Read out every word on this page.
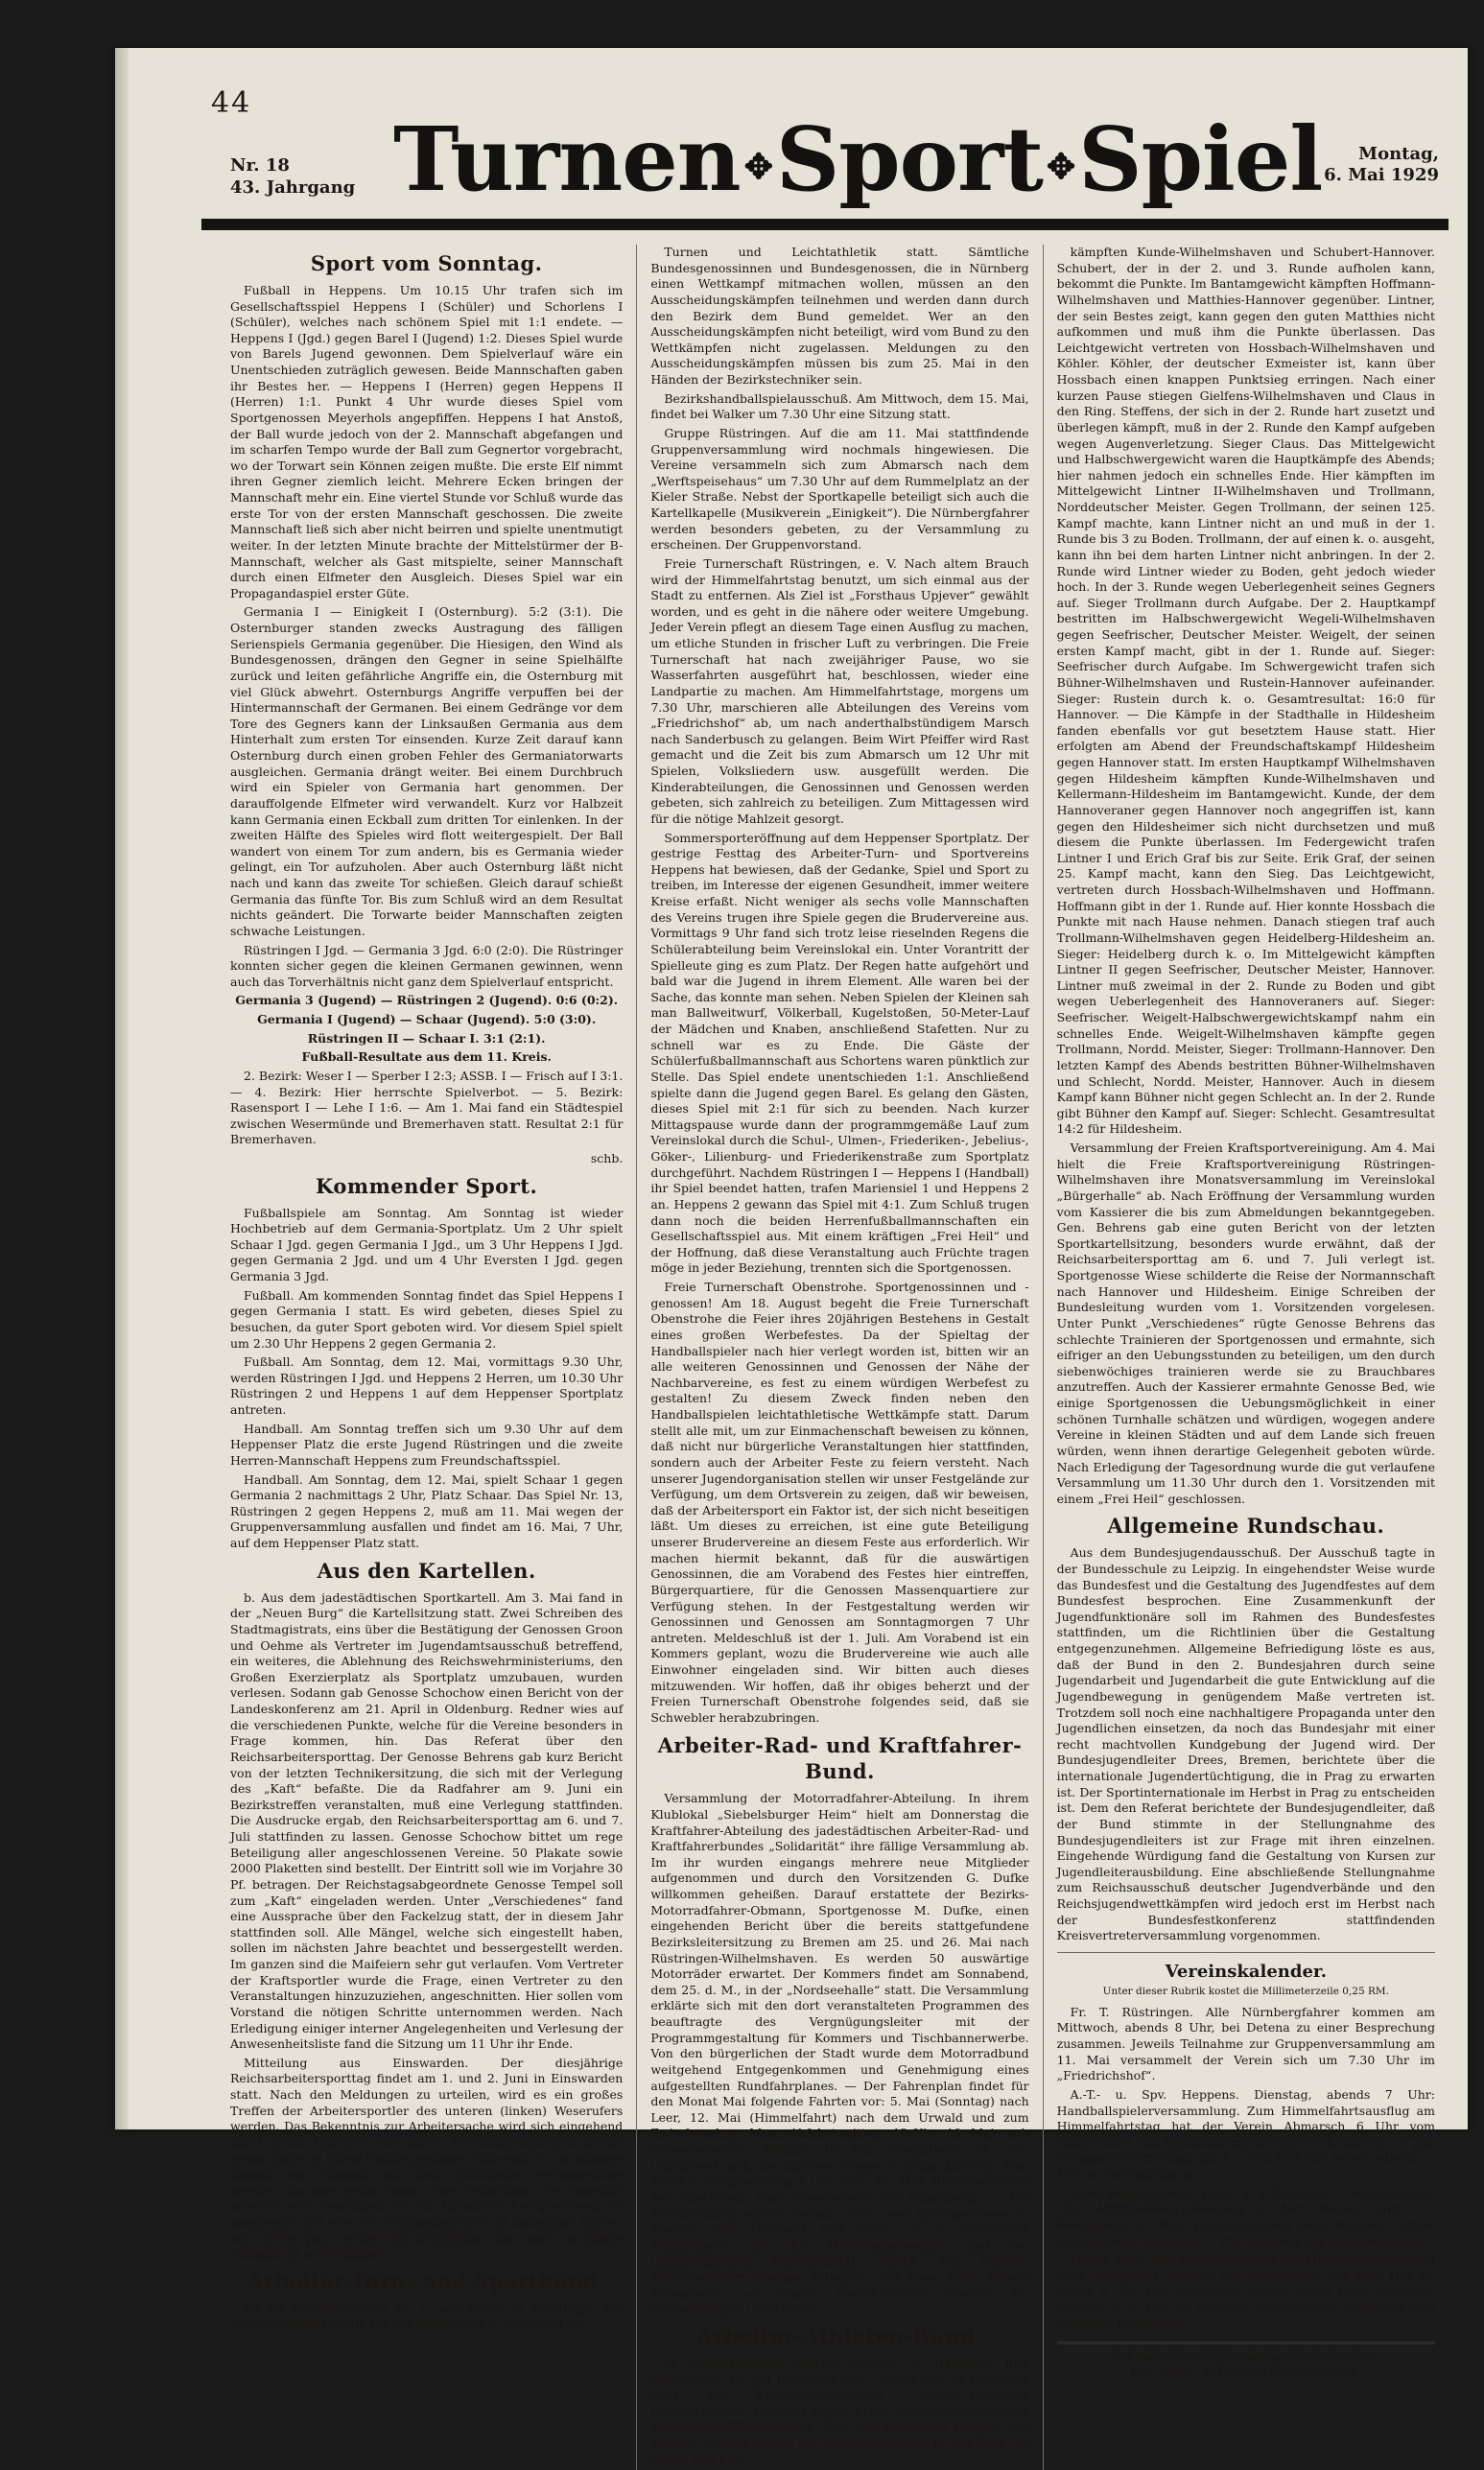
44
Nr. 18
43. Jahrgang Turnen ✥Sport ✥Spiel	Montag,
6. Mai 1929
Sport vom Sonntag.

Fußball in Heppens. Um 10.15 Uhr trafen sich im Gesellschaftsspiel Heppens I (Schüler) und Schorlens I (Schüler), welches nach schönem Spiel mit 1:1 endete. — Heppens I (Jgd.) gegen Barel I (Jugend) 1:2. Dieses Spiel wurde von Barels Jugend gewonnen. Dem Spielverlauf wäre ein Unentschieden zuträglich gewesen. Beide Mannschaften gaben ihr Bestes her. — Heppens I (Herren) gegen Heppens II (Herren) 1:1. Punkt 4 Uhr wurde dieses Spiel vom Sportgenossen Meyerhols angepfiffen. Heppens I hat Anstoß, der Ball wurde jedoch von der 2. Mannschaft abgefangen und im scharfen Tempo wurde der Ball zum Gegnertor vorgebracht, wo der Torwart sein Können zeigen mußte. Die erste Elf nimmt ihren Gegner ziemlich leicht. Mehrere Ecken bringen der Mannschaft mehr ein. Eine viertel Stunde vor Schluß wurde das erste Tor von der ersten Mannschaft geschossen. Die zweite Mannschaft ließ sich aber nicht beirren und spielte unentmutigt weiter. In der letzten Minute brachte der Mittelstürmer der B-Mannschaft, welcher als Gast mitspielte, seiner Mannschaft durch einen Elfmeter den Ausgleich. Dieses Spiel war ein Propagandaspiel erster Güte.

Germania I — Einigkeit I (Osternburg). 5:2 (3:1). Die Osternburger standen zwecks Austragung des fälligen Serienspiels Germania gegenüber. Die Hiesigen, den Wind als Bundesgenossen, drängen den Gegner in seine Spielhälfte zurück und leiten gefährliche Angriffe ein, die Osternburg mit viel Glück abwehrt. Osternburgs Angriffe verpuffen bei der Hintermannschaft der Germanen. Bei einem Gedränge vor dem Tore des Gegners kann der Linksaußen Germania aus dem Hinterhalt zum ersten Tor einsenden. Kurze Zeit darauf kann Osternburg durch einen groben Fehler des Germaniatorwarts ausgleichen. Germania drängt weiter. Bei einem Durchbruch wird ein Spieler von Germania hart genommen. Der darauffolgende Elfmeter wird verwandelt. Kurz vor Halbzeit kann Germania einen Eckball zum dritten Tor einlenken. In der zweiten Hälfte des Spieles wird flott weitergespielt. Der Ball wandert von einem Tor zum andern, bis es Germania wieder gelingt, ein Tor aufzuholen. Aber auch Osternburg läßt nicht nach und kann das zweite Tor schießen. Gleich darauf schießt Germania das fünfte Tor. Bis zum Schluß wird an dem Resultat nichts geändert. Die Torwarte beider Mannschaften zeigten schwache Leistungen.

Rüstringen I Jgd. — Germania 3 Jgd. 6:0 (2:0). Die Rüstringer konnten sicher gegen die kleinen Germanen gewinnen, wenn auch das Torverhältnis nicht ganz dem Spielverlauf entspricht.

Germania 3 (Jugend) — Rüstringen 2 (Jugend). 0:6 (0:2).

Germania I (Jugend) — Schaar (Jugend). 5:0 (3:0).

Rüstringen II — Schaar I. 3:1 (2:1).

Fußball-Resultate aus dem 11. Kreis.

2. Bezirk: Weser I — Sperber I 2:3; ASSB. I — Frisch auf I 3:1. — 4. Bezirk: Hier herrschte Spielverbot. — 5. Bezirk: Rasensport I — Lehe I 1:6. — Am 1. Mai fand ein Städtespiel zwischen Wesermünde und Bremerhaven statt. Resultat 2:1 für Bremerhaven.

schb.
Kommender Sport.

Fußballspiele am Sonntag. Am Sonntag ist wieder Hochbetrieb auf dem Germania-Sportplatz. Um 2 Uhr spielt Schaar I Jgd. gegen Germania I Jgd., um 3 Uhr Heppens I Jgd. gegen Germania 2 Jgd. und um 4 Uhr Eversten I Jgd. gegen Germania 3 Jgd.

Fußball. Am kommenden Sonntag findet das Spiel Heppens I gegen Germania I statt. Es wird gebeten, dieses Spiel zu besuchen, da guter Sport geboten wird. Vor diesem Spiel spielt um 2.30 Uhr Heppens 2 gegen Germania 2.

Fußball. Am Sonntag, dem 12. Mai, vormittags 9.30 Uhr, werden Rüstringen I Jgd. und Heppens 2 Herren, um 10.30 Uhr Rüstringen 2 und Heppens 1 auf dem Heppenser Sportplatz antreten.

Handball. Am Sonntag treffen sich um 9.30 Uhr auf dem Heppenser Platz die erste Jugend Rüstringen und die zweite Herren-Mannschaft Heppens zum Freundschaftsspiel.

Handball. Am Sonntag, dem 12. Mai, spielt Schaar 1 gegen Germania 2 nachmittags 2 Uhr, Platz Schaar. Das Spiel Nr. 13, Rüstringen 2 gegen Heppens 2, muß am 11. Mai wegen der Gruppenversammlung ausfallen und findet am 16. Mai, 7 Uhr, auf dem Heppenser Platz statt.

Aus den Kartellen.

b. Aus dem jadestädtischen Sportkartell. Am 3. Mai fand in der „Neuen Burg“ die Kartellsitzung statt. Zwei Schreiben des Stadtmagistrats, eins über die Bestätigung der Genossen Groon und Oehme als Vertreter im Jugendamtsausschuß betreffend, ein weiteres, die Ablehnung des Reichswehrministeriums, den Großen Exerzierplatz als Sportplatz umzubauen, wurden verlesen. Sodann gab Genosse Schochow einen Bericht von der Landeskonferenz am 21. April in Oldenburg. Redner wies auf die verschiedenen Punkte, welche für die Vereine besonders in Frage kommen, hin. Das Referat über den Reichsarbeitersporttag. Der Genosse Behrens gab kurz Bericht von der letzten Technikersitzung, die sich mit der Verlegung des „Kaft“ befaßte. Die da Radfahrer am 9. Juni ein Bezirkstreffen veranstalten, muß eine Verlegung stattfinden. Die Ausdrucke ergab, den Reichsarbeitersporttag am 6. und 7. Juli stattfinden zu lassen. Genosse Schochow bittet um rege Beteiligung aller angeschlossenen Vereine. 50 Plakate sowie 2000 Plaketten sind bestellt. Der Eintritt soll wie im Vorjahre 30 Pf. betragen. Der Reichstagsabgeordnete Genosse Tempel soll zum „Kaft“ eingeladen werden. Unter „Verschiedenes“ fand eine Aussprache über den Fackelzug statt, der in diesem Jahr stattfinden soll. Alle Mängel, welche sich eingestellt haben, sollen im nächsten Jahre beachtet und bessergestellt werden. Im ganzen sind die Maifeiern sehr gut verlaufen. Vom Vertreter der Kraftsportler wurde die Frage, einen Vertreter zu den Veranstaltungen hinzuzuziehen, angeschnitten. Hier sollen vom Vorstand die nötigen Schritte unternommen werden. Nach Erledigung einiger interner Angelegenheiten und Verlesung der Anwesenheitsliste fand die Sitzung um 11 Uhr ihr Ende.

Mitteilung aus Einswarden. Der diesjährige Reichsarbeitersporttag findet am 1. und 2. Juni in Einswarden statt. Nach den Meldungen zu urteilen, wird es ein großes Treffen der Arbeitersportler des unteren (linken) Weserufers werden. Das Bekenntnis zur Arbeitersache wird sich eingehend durch einen Kommers, der am 1. Juni stattfindet und ist die ganze Sache in guten Händen geboten, während die sportlichen Kämpfe am Sonntag auf dem Sportplatze vorgenommen werden. Da eine große Anzahl der Teilnehmer von auswärts erwartet wird, benötigen wir eine Anzahl von Freiquartieren; zu gegebener Zeit wird der Wohnungsausschuß Nachfrage halten. Wir bitten jetzt schon die Einwohner, uns auch in dieser Hinsicht zu unterstützen.

Arbeiter-Turn- und Sportbund.

An die Bezirksvereine! Am 2. Juni finden in Rüstringen die Ausscheidungskämpfe für das Bundesfest in Nürnberg für

Turnen und Leichtathletik statt. Sämtliche Bundesgenossinnen und Bundesgenossen, die in Nürnberg einen Wettkampf mitmachen wollen, müssen an den Ausscheidungskämpfen teilnehmen und werden dann durch den Bezirk dem Bund gemeldet. Wer an den Ausscheidungskämpfen nicht beteiligt, wird vom Bund zu den Wettkämpfen nicht zugelassen. Meldungen zu den Ausscheidungskämpfen müssen bis zum 25. Mai in den Händen der Bezirkstechniker sein.

Bezirkshandballspielausschuß. Am Mittwoch, dem 15. Mai, findet bei Walker um 7.30 Uhr eine Sitzung statt.

Gruppe Rüstringen. Auf die am 11. Mai stattfindende Gruppenversammlung wird nochmals hingewiesen. Die Vereine versammeln sich zum Abmarsch nach dem „Werftspeisehaus“ um 7.30 Uhr auf dem Rummelplatz an der Kieler Straße. Nebst der Sportkapelle beteiligt sich auch die Kartellkapelle (Musikverein „Einigkeit“). Die Nürnbergfahrer werden besonders gebeten, zu der Versammlung zu erscheinen. Der Gruppenvorstand.

Freie Turnerschaft Rüstringen, e. V. Nach altem Brauch wird der Himmelfahrtstag benutzt, um sich einmal aus der Stadt zu entfernen. Als Ziel ist „Forsthaus Upjever“ gewählt worden, und es geht in die nähere oder weitere Umgebung. Jeder Verein pflegt an diesem Tage einen Ausflug zu machen, um etliche Stunden in frischer Luft zu verbringen. Die Freie Turnerschaft hat nach zweijähriger Pause, wo sie Wasserfahrten ausgeführt hat, beschlossen, wieder eine Landpartie zu machen. Am Himmelfahrtstage, morgens um 7.30 Uhr, marschieren alle Abteilungen des Vereins vom „Friedrichshof“ ab, um nach anderthalbstündigem Marsch nach Sanderbusch zu gelangen. Beim Wirt Pfeiffer wird Rast gemacht und die Zeit bis zum Abmarsch um 12 Uhr mit Spielen, Volksliedern usw. ausgefüllt werden. Die Kinderabteilungen, die Genossinnen und Genossen werden gebeten, sich zahlreich zu beteiligen. Zum Mittagessen wird für die nötige Mahlzeit gesorgt.

Sommersporteröffnung auf dem Heppenser Sportplatz. Der gestrige Festtag des Arbeiter-Turn- und Sportvereins Heppens hat bewiesen, daß der Gedanke, Spiel und Sport zu treiben, im Interesse der eigenen Gesundheit, immer weitere Kreise erfaßt. Nicht weniger als sechs volle Mannschaften des Vereins trugen ihre Spiele gegen die Brudervereine aus. Vormittags 9 Uhr fand sich trotz leise rieselnden Regens die Schülerabteilung beim Vereinslokal ein. Unter Vorantritt der Spielleute ging es zum Platz. Der Regen hatte aufgehört und bald war die Jugend in ihrem Element. Alle waren bei der Sache, das konnte man sehen. Neben Spielen der Kleinen sah man Ballweitwurf, Völkerball, Kugelstoßen, 50-Meter-Lauf der Mädchen und Knaben, anschließend Stafetten. Nur zu schnell war es zu Ende. Die Gäste der Schülerfußballmannschaft aus Schortens waren pünktlich zur Stelle. Das Spiel endete unentschieden 1:1. Anschließend spielte dann die Jugend gegen Barel. Es gelang den Gästen, dieses Spiel mit 2:1 für sich zu beenden. Nach kurzer Mittagspause wurde dann der programmgemäße Lauf zum Vereinslokal durch die Schul-, Ulmen-, Friederiken-, Jebelius-, Göker-, Lilienburg- und Friederikenstraße zum Sportplatz durchgeführt. Nachdem Rüstringen I — Heppens I (Handball) ihr Spiel beendet hatten, trafen Mariensiel 1 und Heppens 2 an. Heppens 2 gewann das Spiel mit 4:1. Zum Schluß trugen dann noch die beiden Herrenfußballmannschaften ein Gesellschaftsspiel aus. Mit einem kräftigen „Frei Heil“ und der Hoffnung, daß diese Veranstaltung auch Früchte tragen möge in jeder Beziehung, trennten sich die Sportgenossen.

Freie Turnerschaft Obenstrohe. Sportgenossinnen und -genossen! Am 18. August begeht die Freie Turnerschaft Obenstrohe die Feier ihres 20jährigen Bestehens in Gestalt eines großen Werbefestes. Da der Spieltag der Handballspieler nach hier verlegt worden ist, bitten wir an alle weiteren Genossinnen und Genossen der Nähe der Nachbarvereine, es fest zu einem würdigen Werbefest zu gestalten! Zu diesem Zweck finden neben den Handballspielen leichtathletische Wettkämpfe statt. Darum stellt alle mit, um zur Einmachenschaft beweisen zu können, daß nicht nur bürgerliche Veranstaltungen hier stattfinden, sondern auch der Arbeiter Feste zu feiern versteht. Nach unserer Jugendorganisation stellen wir unser Festgelände zur Verfügung, um dem Ortsverein zu zeigen, daß wir beweisen, daß der Arbeitersport ein Faktor ist, der sich nicht beseitigen läßt. Um dieses zu erreichen, ist eine gute Beteiligung unserer Brudervereine an diesem Feste aus erforderlich. Wir machen hiermit bekannt, daß für die auswärtigen Genossinnen, die am Vorabend des Festes hier eintreffen, Bürgerquartiere, für die Genossen Massenquartiere zur Verfügung stehen. In der Festgestaltung werden wir Genossinnen und Genossen am Sonntagmorgen 7 Uhr antreten. Meldeschluß ist der 1. Juli. Am Vorabend ist ein Kommers geplant, wozu die Brudervereine wie auch alle Einwohner eingeladen sind. Wir bitten auch dieses mitzuwenden. Wir hoffen, daß ihr obiges beherzt und der Freien Turnerschaft Obenstrohe folgendes seid, daß sie Schwebler herabzubringen.

Arbeiter-Rad- und Kraftfahrer-Bund.

Versammlung der Motorradfahrer-Abteilung. In ihrem Klublokal „Siebelsburger Heim“ hielt am Donnerstag die Kraftfahrer-Abteilung des jadestädtischen Arbeiter-Rad- und Kraftfahrerbundes „Solidarität“ ihre fällige Versammlung ab. Im ihr wurden eingangs mehrere neue Mitglieder aufgenommen und durch den Vorsitzenden G. Dufke willkommen geheißen. Darauf erstattete der Bezirks-Motorradfahrer-Obmann, Sportgenosse M. Dufke, einen eingehenden Bericht über die bereits stattgefundene Bezirksleitersitzung zu Bremen am 25. und 26. Mai nach Rüstringen-Wilhelmshaven. Es werden 50 auswärtige Motorräder erwartet. Der Kommers findet am Sonnabend, dem 25. d. M., in der „Nordseehalle“ statt. Die Versammlung erklärte sich mit den dort veranstalteten Programmen des beauftragte des Vergnügungsleiter mit der Programmgestaltung für Kommers und Tischbannerwerbe. Von den bürgerlichen der Stadt wurde dem Motorradbund weitgehend Entgegenkommen und Genehmigung eines aufgestellten Rundfahrplanes. — Der Fahrenplan findet für den Monat Mai folgende Fahrten vor: 5. Mai (Sonntag) nach Leer, 12. Mai (Himmelfahrt) nach dem Urwald und zum Zwischenahner Meer, Abfahrt mittags 12 Uhr; 19. Mai nach Schweinebrück, Abfahrt 10 Uhr vormittags; 20. Mai (Pfingsten) nach den Dammer Bergen und zum Dümmer See, Abfahrt Pfingstsonntag 6 Uhr früh; 26. Mai: Heimbegleitung der Gastfahrer über Zwischenahn bis Oldenburg. — Die Versammlung wählte sodann noch den Sportgenossen B. Thaden zum Fahrwart und nahm u. a. beachtliche Mitteilungen aus der Motorradbewegung und der oldenburgischen Gerichtspraxis durch den Bezirks-Motorradfahrer-Obmann entgegen. Mit einer einer kurzen Aussprache zum Punkt „Verschiedenes“ wurden die Verhandlungen geschlossen.

Arbeiter-Athleten-Bund.

ol. Jadestädtische Arbeiter-Athleten in Hannover und Hildesheim. Im gut besetzten Saal „Volkshaus“ in Hannover fand der Freundschaftskampf „Sparta“-Hannover (Norddeutscher Meister) gegen Freie Kraftsportvereinigung Rüstringen-Wilhelmshaven statt. Als Einleitung stiegen drei Kämpfe. Darauf gingen die Wilhelmshavener in den Ring. Es traten vier Paar

kämpften Kunde-Wilhelmshaven und Schubert-Hannover. Schubert, der in der 2. und 3. Runde aufholen kann, bekommt die Punkte. Im Bantamgewicht kämpften Hoffmann-Wilhelmshaven und Matthies-Hannover gegenüber. Lintner, der sein Bestes zeigt, kann gegen den guten Matthies nicht aufkommen und muß ihm die Punkte überlassen. Das Leichtgewicht vertreten von Hossbach-Wilhelmshaven und Köhler. Köhler, der deutscher Exmeister ist, kann über Hossbach einen knappen Punktsieg erringen. Nach einer kurzen Pause stiegen Gielfens-Wilhelmshaven und Claus in den Ring. Steffens, der sich in der 2. Runde hart zusetzt und überlegen kämpft, muß in der 2. Runde den Kampf aufgeben wegen Augenverletzung. Sieger Claus. Das Mittelgewicht und Halbschwergewicht waren die Hauptkämpfe des Abends; hier nahmen jedoch ein schnelles Ende. Hier kämpften im Mittelgewicht Lintner II-Wilhelmshaven und Trollmann, Norddeutscher Meister. Gegen Trollmann, der seinen 125. Kampf machte, kann Lintner nicht an und muß in der 1. Runde bis 3 zu Boden. Trollmann, der auf einen k. o. ausgeht, kann ihn bei dem harten Lintner nicht anbringen. In der 2. Runde wird Lintner wieder zu Boden, geht jedoch wieder hoch. In der 3. Runde wegen Ueberlegenheit seines Gegners auf. Sieger Trollmann durch Aufgabe. Der 2. Hauptkampf bestritten im Halbschwergewicht Wegeli-Wilhelmshaven gegen Seefrischer, Deutscher Meister. Weigelt, der seinen ersten Kampf macht, gibt in der 1. Runde auf. Sieger: Seefrischer durch Aufgabe. Im Schwergewicht trafen sich Bühner-Wilhelmshaven und Rustein-Hannover aufeinander. Sieger: Rustein durch k. o. Gesamtresultat: 16:0 für Hannover. — Die Kämpfe in der Stadthalle in Hildesheim fanden ebenfalls vor gut besetztem Hause statt. Hier erfolgten am Abend der Freundschaftskampf Hildesheim gegen Hannover statt. Im ersten Hauptkampf Wilhelmshaven gegen Hildesheim kämpften Kunde-Wilhelmshaven und Kellermann-Hildesheim im Bantamgewicht. Kunde, der dem Hannoveraner gegen Hannover noch angegriffen ist, kann gegen den Hildesheimer sich nicht durchsetzen und muß diesem die Punkte überlassen. Im Federgewicht trafen Lintner I und Erich Graf bis zur Seite. Erik Graf, der seinen 25. Kampf macht, kann den Sieg. Das Leichtgewicht, vertreten durch Hossbach-Wilhelmshaven und Hoffmann. Hoffmann gibt in der 1. Runde auf. Hier konnte Hossbach die Punkte mit nach Hause nehmen. Danach stiegen traf auch Trollmann-Wilhelmshaven gegen Heidelberg-Hildesheim an. Sieger: Heidelberg durch k. o. Im Mittelgewicht kämpften Lintner II gegen Seefrischer, Deutscher Meister, Hannover. Lintner muß zweimal in der 2. Runde zu Boden und gibt wegen Ueberlegenheit des Hannoveraners auf. Sieger: Seefrischer. Weigelt-Halbschwergewichtskampf nahm ein schnelles Ende. Weigelt-Wilhelmshaven kämpfte gegen Trollmann, Nordd. Meister, Sieger: Trollmann-Hannover. Den letzten Kampf des Abends bestritten Bühner-Wilhelmshaven und Schlecht, Nordd. Meister, Hannover. Auch in diesem Kampf kann Bühner nicht gegen Schlecht an. In der 2. Runde gibt Bühner den Kampf auf. Sieger: Schlecht. Gesamtresultat 14:2 für Hildesheim.

Versammlung der Freien Kraftsportvereinigung. Am 4. Mai hielt die Freie Kraftsportvereinigung Rüstringen-Wilhelmshaven ihre Monatsversammlung im Vereinslokal „Bürgerhalle“ ab. Nach Eröffnung der Versammlung wurden vom Kassierer die bis zum Abmeldungen bekanntgegeben. Gen. Behrens gab eine guten Bericht von der letzten Sportkartellsitzung, besonders wurde erwähnt, daß der Reichsarbeitersporttag am 6. und 7. Juli verlegt ist. Sportgenosse Wiese schilderte die Reise der Normannschaft nach Hannover und Hildesheim. Einige Schreiben der Bundesleitung wurden vom 1. Vorsitzenden vorgelesen. Unter Punkt „Verschiedenes“ rügte Genosse Behrens das schlechte Trainieren der Sportgenossen und ermahnte, sich eifriger an den Uebungsstunden zu beteiligen, um den durch siebenwöchiges trainieren werde sie zu Brauchbares anzutreffen. Auch der Kassierer ermahnte Genosse Bed, wie einige Sportgenossen die Uebungsmöglichkeit in einer schönen Turnhalle schätzen und würdigen, wogegen andere Vereine in kleinen Städten und auf dem Lande sich freuen würden, wenn ihnen derartige Gelegenheit geboten würde. Nach Erledigung der Tagesordnung wurde die gut verlaufene Versammlung um 11.30 Uhr durch den 1. Vorsitzenden mit einem „Frei Heil“ geschlossen.

Allgemeine Rundschau.

Aus dem Bundesjugendausschuß. Der Ausschuß tagte in der Bundesschule zu Leipzig. In eingehendster Weise wurde das Bundesfest und die Gestaltung des Jugendfestes auf dem Bundesfest besprochen. Eine Zusammenkunft der Jugendfunktionäre soll im Rahmen des Bundesfestes stattfinden, um die Richtlinien über die Gestaltung entgegenzunehmen. Allgemeine Befriedigung löste es aus, daß der Bund in den 2. Bundesjahren durch seine Jugendarbeit und Jugendarbeit die gute Entwicklung auf die Jugendbewegung in genügendem Maße vertreten ist. Trotzdem soll noch eine nachhaltigere Propaganda unter den Jugendlichen einsetzen, da noch das Bundesjahr mit einer recht machtvollen Kundgebung der Jugend wird. Der Bundesjugendleiter Drees, Bremen, berichtete über die internationale Jugendertüchtigung, die in Prag zu erwarten ist. Der Sportinternationale im Herbst in Prag zu entscheiden ist. Dem den Referat berichtete der Bundesjugendleiter, daß der Bund stimmte in der Stellungnahme des Bundesjugendleiters ist zur Frage mit ihren einzelnen. Eingehende Würdigung fand die Gestaltung von Kursen zur Jugendleiterausbildung. Eine abschließende Stellungnahme zum Reichsausschuß deutscher Jugendverbände und den Reichsjugendwettkämpfen wird jedoch erst im Herbst nach der Bundesfestkonferenz stattfindenden Kreisvertreterversammlung vorgenommen.

Vereinskalender.
Unter dieser Rubrik kostet die Millimeterzeile 0,25 RM.

Fr. T. Rüstringen. Alle Nürnbergfahrer kommen am Mittwoch, abends 8 Uhr, bei Detena zu einer Besprechung zusammen. Jeweils Teilnahme zur Gruppenversammlung am 11. Mai versammelt der Verein sich um 7.30 Uhr im „Friedrichshof“.

A.-T.- u. Spv. Heppens. Dienstag, abends 7 Uhr: Handballspielerversammlung. Zum Himmelfahrtsausflug am Himmelfahrtstag hat der Verein Abmarsch 6 Uhr vom Vereinslokal. Die Spielleute müssen um 7 Uhr da sein. — Zur Gruppenversammlung am 11. Mai tritt der Verein abends 7 Uhr im Vereinslokal an.

Freie Wassersporto. „Jade“, e. V. Dienstag, 7. Mai, abends 8 Uhr: Mitgliederversammlung in der „Neuen Burg“. — Donnerstag, 9. Mai: Familienausflug nach Weiters Garten, Sanderbusch. Abmarsch 7 Uhr morgens von der Badeanstalt.

Freier Turn- und Sportverein Schaar. Himmelfahrtsausflug nach Antonslust. Treffen am Vereinslokal um 8.30 Uhr an gegen 9 Uhr. Für diejenigen, welche näher beim „Elysium“ wohnen, 8.30 Uhr am Elysium. Gemeinsamer Abmarsch vom Schaarer Marktplatz.

Für den Text der Sportbeilage verantwortlich:
Max Dufke, Rüstringen-Wilhelmshaven.
